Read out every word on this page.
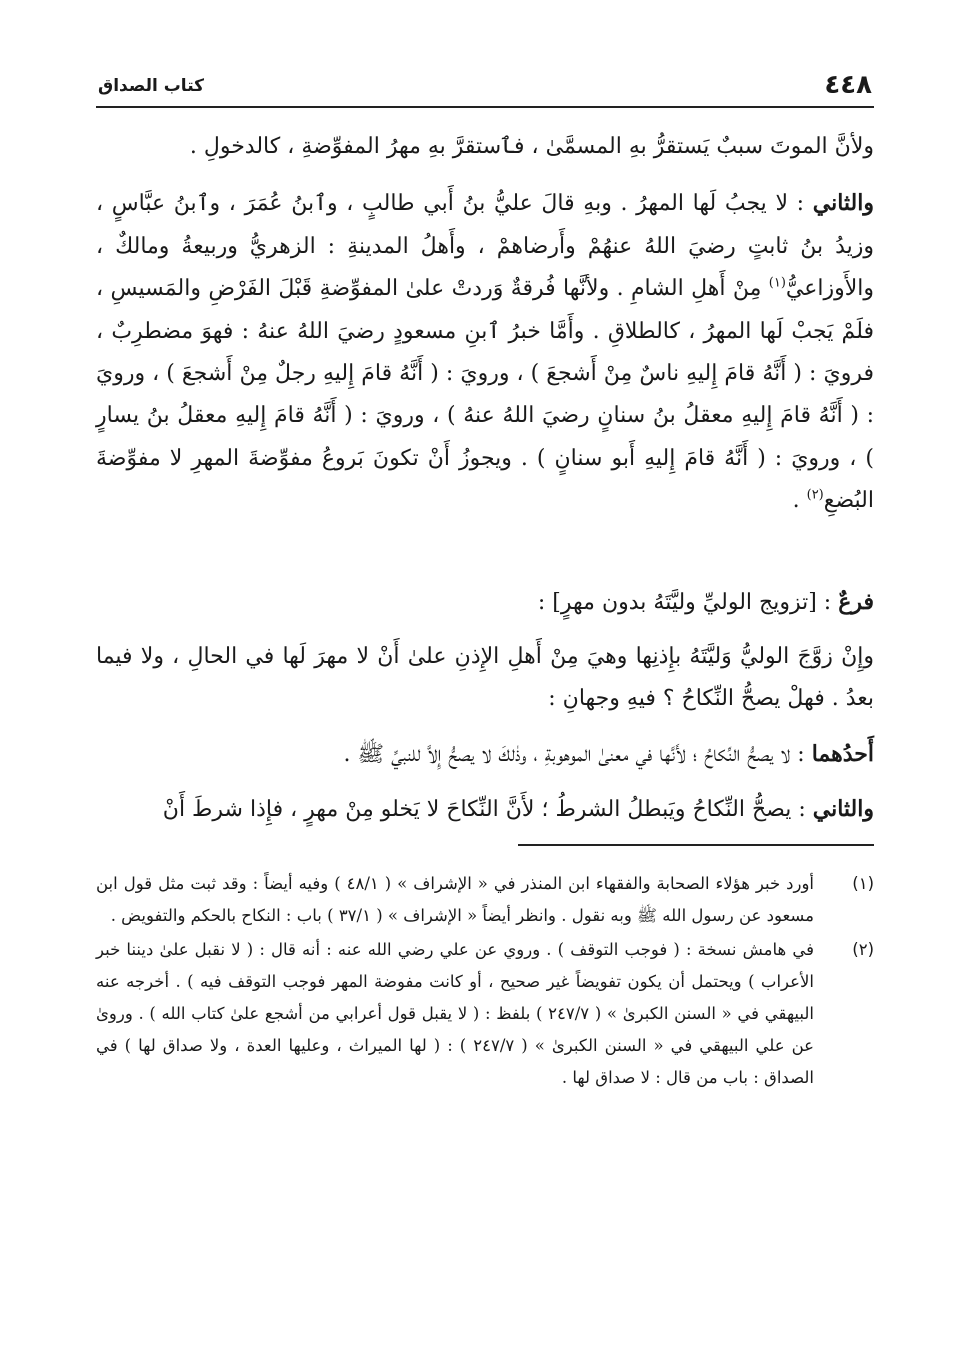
٤٤٨
كتاب الصداق

ولأنَّ الموتَ سببٌ يَستقرُّ بهِ المسمَّىٰ ، فٱستقرَّ بهِ مهرُ المفوِّضةِ ، كالدخولِ .

والثاني : لا يجبُ لَها المهرُ . وبهِ قالَ عليُّ بنُ أَبي طالبٍ ، وٱبنُ عُمَرَ ، وٱبنُ عبَّاسٍ ، وزيدُ بنُ ثابتٍ رضيَ اللهُ عنهُمْ وأَرضاهمْ ، وأَهلُ المدينةِ : الزهريُّ وربيعةُ ومالكٌ ، والأَوزاعيُّ$^{(١)}$ مِنْ أَهلِ الشامِ . ولأنَّها فُرقةٌ وَردتْ علىٰ المفوِّضةِ قَبْلَ الفَرْضِ والمَسيسِ ، فلَمْ يَجبْ لَها المهرُ ، كالطلاقِ . وأَمَّا خبرُ ٱبنِ مسعودٍ رضيَ اللهُ عنهُ : فهوَ مضطرِبٌ ، فرويَ : ( أَنَّهُ قامَ إِليهِ ناسٌ مِنْ أَشجعَ ) ، ورويَ : ( أَنَّهُ قامَ إِليهِ رجلٌ مِنْ أَشجعَ ) ، ورويَ : ( أَنَّهُ قامَ إِليهِ معقلُ بنُ سنانٍ رضيَ اللهُ عنهُ ) ، ورويَ : ( أَنَّهُ قامَ إِليهِ معقلُ بنُ يسارٍ ) ، ورويَ : ( أَنَّهُ قامَ إِليهِ أَبو سنانٍ ) . ويجوزُ أَنْ تكونَ بَروعُ مفوِّضةَ المهرِ لا مفوِّضةَ البُضعِ$^{(٢)}$ .

فرعٌ : [تزويج الوليِّ وليَّتَهُ بدون مهرٍ] :

وإِنْ زوَّجَ الوليُّ وَليَّتَهُ بإِذنِها وهيَ مِنْ أَهلِ الإِذنِ علىٰ أَنْ لا مهرَ لَها في الحالِ ، ولا فيما بعدُ . فهلْ يصحُّ النِّكاحُ ؟ فيهِ وجهانِ :

أَحدُهما : لا يصحُّ النِّكاحُ ؛ لأَنَّها في معنىٰ الموهوبةِ ، وذٰلكَ لا يصحُّ إِلاَّ للنبيِّ ﷺ .

والثاني : يصحُّ النِّكاحُ ويَبطلُ الشرطُ ؛ لأَنَّ النِّكاحَ لا يَخلو مِنْ مهرٍ ، فإِذا شرطَ أَنْ

(١)
أورد خبر هؤلاء الصحابة والفقهاء ابن المنذر في « الإشراف » ( ٤٨/١ ) وفيه أيضاً : وقد ثبت مثل قول ابن مسعود عن رسول الله ﷺ وبه نقول . وانظر أيضاً « الإشراف » ( ٣٧/١ ) باب : النكاح بالحكم والتفويض .
(٢)
في هامش نسخة : ( فوجب التوقف ) . وروي عن علي رضي الله عنه : أنه قال : ( لا نقبل علىٰ ديننا خبر الأعراب ) ويحتمل أن يكون تفويضاً غير صحيح ، أو كانت مفوضة المهر فوجب التوقف فيه ) . أخرجه عنه البيهقي في « السنن الكبرىٰ » ( ٢٤٧/٧ ) بلفظ : ( لا يقبل قول أعرابي من أشجع علىٰ كتاب الله ) . وروىٰ عن علي البيهقي في « السنن الكبرىٰ » ( ٢٤٧/٧ ) : ( لها الميراث ، وعليها العدة ، ولا صداق لها ) في الصداق : باب من قال : لا صداق لها .
